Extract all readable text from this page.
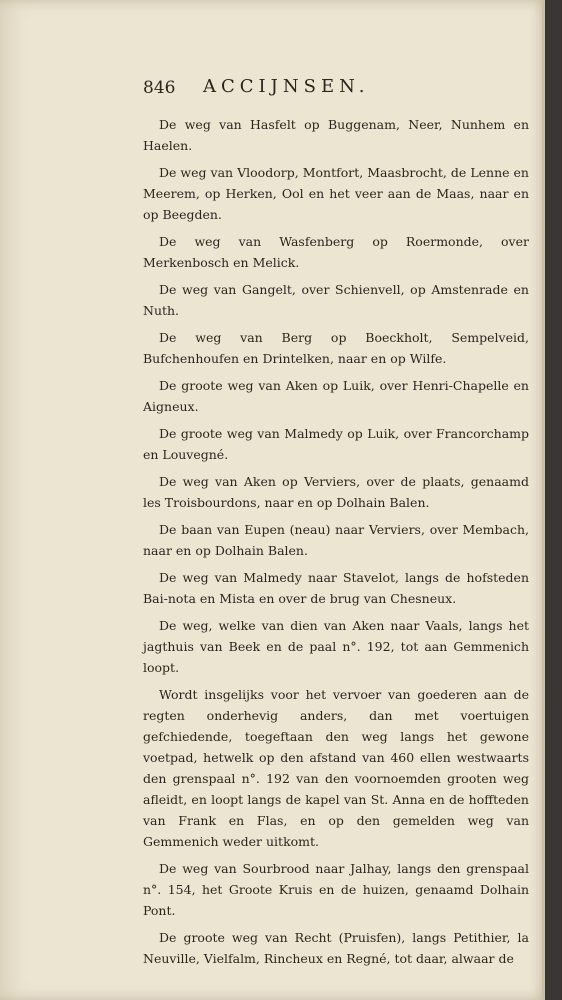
846 ACCIJNSEN.

De weg van Hasfelt op Buggenam, Neer, Nunhem en Haelen.

De weg van Vloodorp, Montfort, Maasbrocht, de Lenne en Meerem, op Herken, Ool en het veer aan de Maas, naar en op Beegden.

De weg van Wasfenberg op Roermonde, over Merkenbosch en Melick.

De weg van Gangelt, over Schienvell, op Amstenrade en Nuth.

De weg van Berg op Boeckholt, Sempelveid, Bufchenhoufen en Drintelken, naar en op Wilfe.

De groote weg van Aken op Luik, over Henri-Chapelle en Aigneux.

De groote weg van Malmedy op Luik, over Francorchamp en Louvegné.

De weg van Aken op Verviers, over de plaats, genaamd les Troisbourdons, naar en op Dolhain Balen.

De baan van Eupen (neau) naar Verviers, over Membach, naar en op Dolhain Balen.

De weg van Malmedy naar Stavelot, langs de hofsteden Bai-nota en Mista en over de brug van Chesneux.

De weg, welke van dien van Aken naar Vaals, langs het jagthuis van Beek en de paal n°. 192, tot aan Gemmenich loopt.

Wordt insgelijks voor het vervoer van goederen aan de regten onderhevig anders, dan met voertuigen gefchiedende, toegeftaan den weg langs het gewone voetpad, hetwelk op den afstand van 460 ellen westwaarts den grenspaal n°. 192 van den voornoemden grooten weg afleidt, en loopt langs de kapel van St. Anna en de hoffteden van Frank en Flas, en op den gemelden weg van Gemmenich weder uitkomt.

De weg van Sourbrood naar Jalhay, langs den grenspaal n°. 154, het Groote Kruis en de huizen, genaamd Dolhain Pont.

De groote weg van Recht (Pruisfen), langs Petithier, la Neuville, Vielfalm, Rincheux en Regné, tot daar, alwaar de
